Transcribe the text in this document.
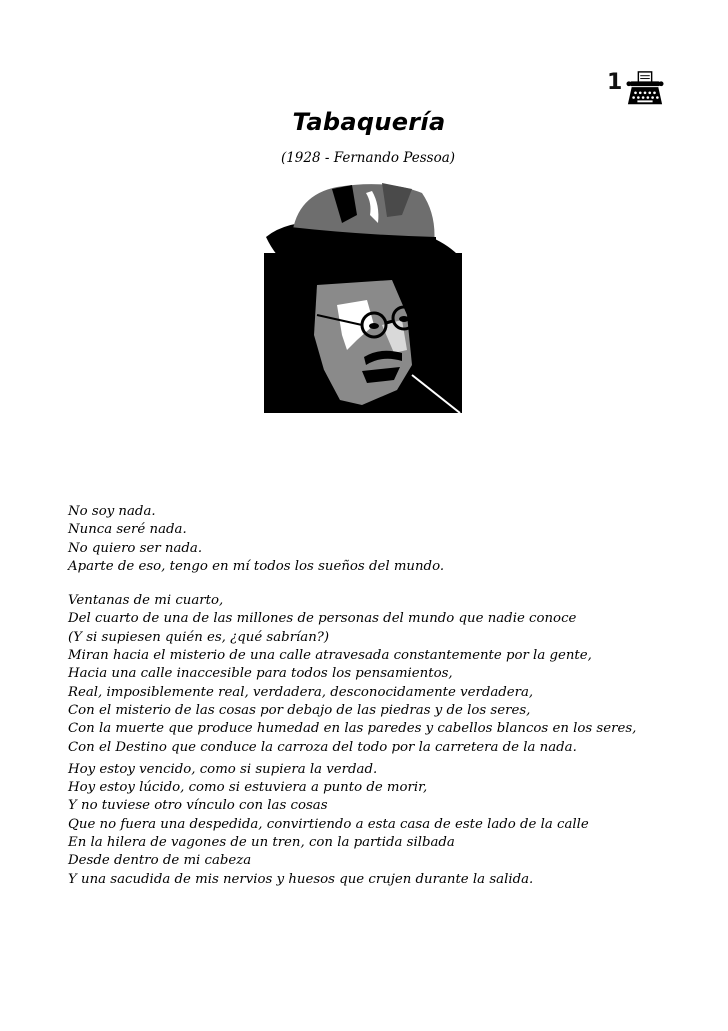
1
Tabaquería
(1928 - Fernando Pessoa)
No soy nada.
Nunca seré nada.
No quiero ser nada.
Aparte de eso, tengo en mí todos los sueños del mundo.
Ventanas de mi cuarto,
Del cuarto de una de las millones de personas del mundo que nadie conoce
(Y si supiesen quién es, ¿qué sabrían?)
Miran hacia el misterio de una calle atravesada constantemente por la gente,
Hacia una calle inaccesible para todos los pensamientos,
Real, imposiblemente real, verdadera, desconocidamente verdadera,
Con el misterio de las cosas por debajo de las piedras y de los seres,
Con la muerte que produce humedad en las paredes y cabellos blancos en los seres,
Con el Destino que conduce la carroza del todo por la carretera de la nada.
Hoy estoy vencido, como si supiera la verdad.
Hoy estoy lúcido, como si estuviera a punto de morir,
Y no tuviese otro vínculo con las cosas
Que no fuera una despedida, convirtiendo a esta casa de este lado de la calle
En la hilera de vagones de un tren, con la partida silbada
Desde dentro de mi cabeza
Y una sacudida de mis nervios y huesos que crujen durante la salida.
